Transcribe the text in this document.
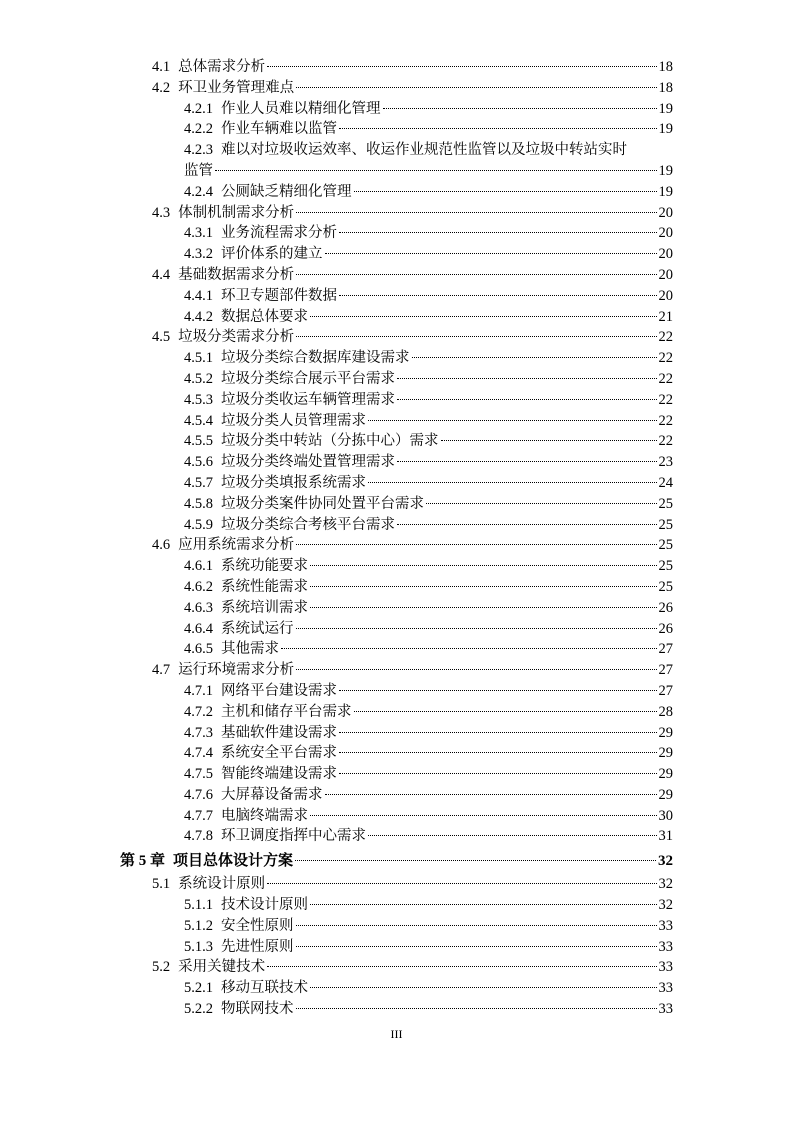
4.1 总体需求分析	18
4.2 环卫业务管理难点	18
4.2.1 作业人员难以精细化管理	19
4.2.2 作业车辆难以监管	19
4.2.3 难以对垃圾收运效率、收运作业规范性监管以及垃圾中转站实时
监管	19
4.2.4 公厕缺乏精细化管理	19
4.3 体制机制需求分析	20
4.3.1 业务流程需求分析	20
4.3.2 评价体系的建立	20
4.4 基础数据需求分析	20
4.4.1 环卫专题部件数据	20
4.4.2 数据总体要求	21
4.5 垃圾分类需求分析	22
4.5.1 垃圾分类综合数据库建设需求	22
4.5.2 垃圾分类综合展示平台需求	22
4.5.3 垃圾分类收运车辆管理需求	22
4.5.4 垃圾分类人员管理需求	22
4.5.5 垃圾分类中转站（分拣中心）需求	22
4.5.6 垃圾分类终端处置管理需求	23
4.5.7 垃圾分类填报系统需求	24
4.5.8 垃圾分类案件协同处置平台需求	25
4.5.9 垃圾分类综合考核平台需求	25
4.6 应用系统需求分析	25
4.6.1 系统功能要求	25
4.6.2 系统性能需求	25
4.6.3 系统培训需求	26
4.6.4 系统试运行	26
4.6.5 其他需求	27
4.7 运行环境需求分析	27
4.7.1 网络平台建设需求	27
4.7.2 主机和储存平台需求	28
4.7.3 基础软件建设需求	29
4.7.4 系统安全平台需求	29
4.7.5 智能终端建设需求	29
4.7.6 大屏幕设备需求	29
4.7.7 电脑终端需求	30
4.7.8 环卫调度指挥中心需求	31
第 5 章 项目总体设计方案	32
5.1 系统设计原则	32
5.1.1 技术设计原则	32
5.1.2 安全性原则	33
5.1.3 先进性原则	33
5.2 采用关键技术	33
5.2.1 移动互联技术	33
5.2.2 物联网技术	33
III
